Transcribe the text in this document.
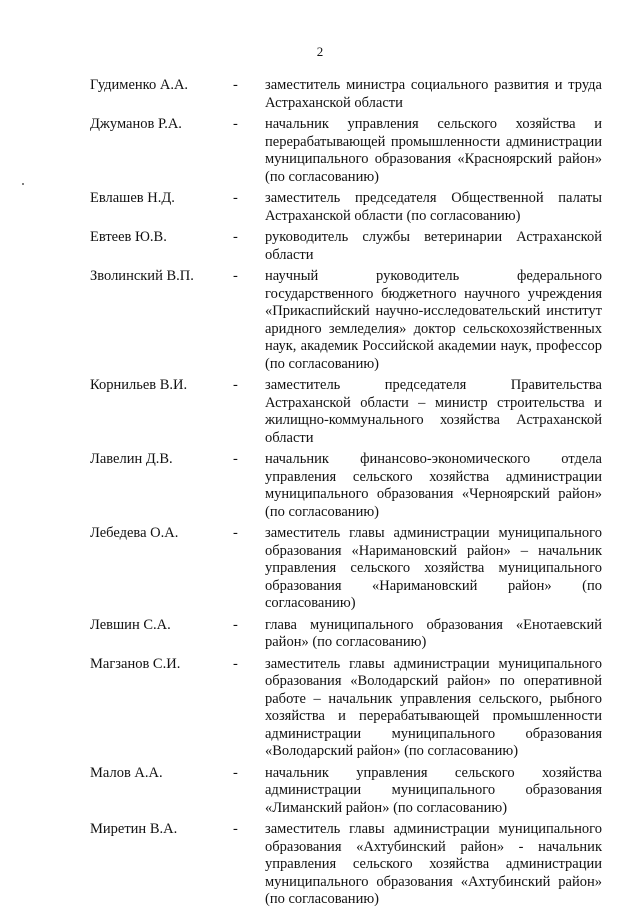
2
Гудименко А.А.	- заместитель министра социального развития и труда Астраханской области

Джуманов Р.А.	- начальник управления сельского хозяйства и перерабатывающей промышленности администрации муниципального образования «Красноярский район» (по согласованию)

Евлашев Н.Д.	- заместитель председателя Общественной палаты Астраханской области (по согласованию)

Евтеев Ю.В.	- руководитель службы ветеринарии Астраханской области

Зволинский В.П.	- научный руководитель федерального государственного бюджетного научного учреждения «Прикаспийский научно-исследовательский институт аридного земледелия» доктор сельскохозяйственных наук, академик Российской академии наук, профессор (по согласованию)

Корнильев В.И.	- заместитель председателя Правительства Астраханской области – министр строительства и жилищно-коммунального хозяйства Астраханской области

Лавелин Д.В.	- начальник финансово-экономического отдела управления сельского хозяйства администрации муниципального образования «Черноярский район» (по согласованию)

Лебедева О.А.	- заместитель главы администрации муниципального образования «Наримановский район» – начальник управления сельского хозяйства муниципального образования «Наримановский район» (по согласованию)

Левшин С.А.	- глава муниципального образования «Енотаевский район» (по согласованию)

Магзанов С.И.	- заместитель главы администрации муниципального образования «Володарский район» по оперативной работе – начальник управления сельского, рыбного хозяйства и перерабатывающей промышленности администрации муниципального образования «Володарский район» (по согласованию)

Малов А.А.	- начальник управления сельского хозяйства администрации муниципального образования «Лиманский район» (по согласованию)

Миретин В.А.	- заместитель главы администрации муниципального образования «Ахтубинский район» - начальник управления сельского хозяйства администрации муниципального образования «Ахтубинский район» (по согласованию)
